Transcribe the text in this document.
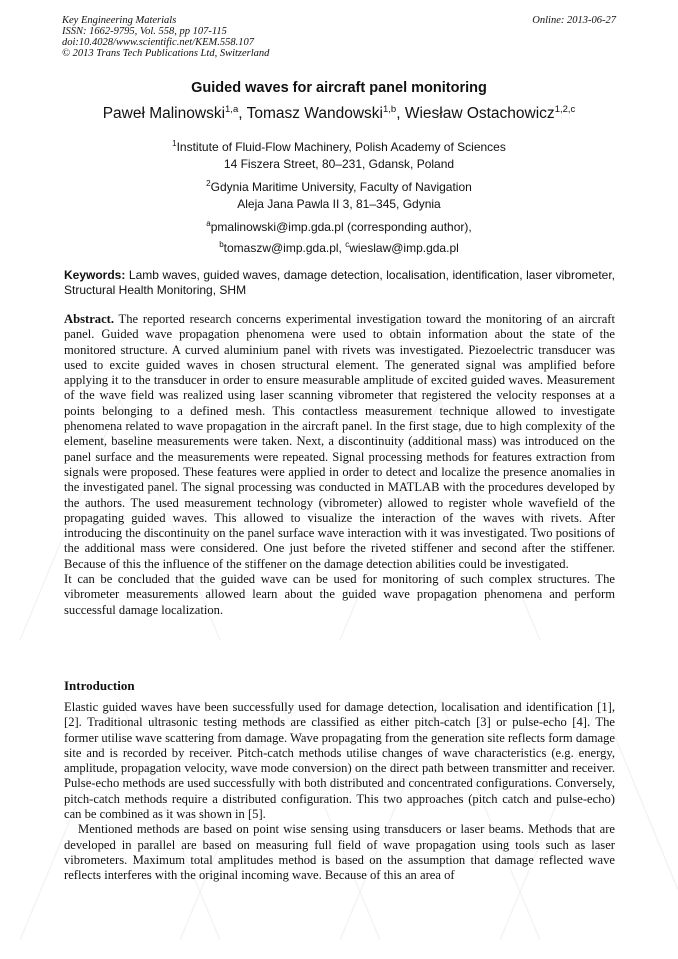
Key Engineering Materials
ISSN: 1662-9795, Vol. 558, pp 107-115
doi:10.4028/www.scientific.net/KEM.558.107
© 2013 Trans Tech Publications Ltd, Switzerland
Online: 2013-06-27
Guided waves for aircraft panel monitoring
Paweł Malinowski$^{1,a}$, Tomasz Wandowski$^{1,b}$, Wiesław Ostachowicz$^{1,2,c}$
$^1$Institute of Fluid-Flow Machinery, Polish Academy of Sciences
14 Fiszera Street, 80–231, Gdansk, Poland
$^2$Gdynia Maritime University, Faculty of Navigation
Aleja Jana Pawla II 3, 81–345, Gdynia
$^a$pmalinowski@imp.gda.pl (corresponding author),
$^b$tomaszw@imp.gda.pl, $^c$wieslaw@imp.gda.pl
Keywords: Lamb waves, guided waves, damage detection, localisation, identification, laser vibrometer, Structural Health Monitoring, SHM

Abstract. The reported research concerns experimental investigation toward the monitoring of an aircraft panel. Guided wave propagation phenomena were used to obtain information about the state of the monitored structure. A curved aluminium panel with rivets was investigated. Piezoelectric transducer was used to excite guided waves in chosen structural element. The generated signal was amplified before applying it to the transducer in order to ensure measurable amplitude of excited guided waves. Measurement of the wave field was realized using laser scanning vibrometer that registered the velocity responses at a points belonging to a defined mesh. This contactless measurement technique allowed to investigate phenomena related to wave propagation in the aircraft panel. In the first stage, due to high complexity of the element, baseline measurements were taken. Next, a discontinuity (additional mass) was introduced on the panel surface and the measurements were repeated. Signal processing methods for features extraction from signals were proposed. These features were applied in order to detect and localize the presence anomalies in the investigated panel. The signal processing was conducted in MATLAB with the procedures developed by the authors. The used measurement technology (vibrometer) allowed to register whole wavefield of the propagating guided waves. This allowed to visualize the interaction of the waves with rivets. After introducing the discontinuity on the panel surface wave interaction with it was investigated. Two positions of the additional mass were considered. One just before the riveted stiffener and second after the stiffener. Because of this the influence of the stiffener on the damage detection abilities could be investigated.

It can be concluded that the guided wave can be used for monitoring of such complex structures. The vibrometer measurements allowed learn about the guided wave propagation phenomena and perform successful damage localization.

Introduction

Elastic guided waves have been successfully used for damage detection, localisation and identification [1], [2]. Traditional ultrasonic testing methods are classified as either pitch-catch [3] or pulse-echo [4]. The former utilise wave scattering from damage. Wave propagating from the generation site reflects form damage site and is recorded by receiver. Pitch-catch methods utilise changes of wave characteristics (e.g. energy, amplitude, propagation velocity, wave mode conversion) on the direct path between transmitter and receiver. Pulse-echo methods are used successfully with both distributed and concentrated configurations. Conversely, pitch-catch methods require a distributed configuration. This two approaches (pitch catch and pulse-echo) can be combined as it was shown in [5].

Mentioned methods are based on point wise sensing using transducers or laser beams. Methods that are developed in parallel are based on measuring full field of wave propagation using tools such as laser vibrometers. Maximum total amplitudes method is based on the assumption that damage reflected wave reflects interferes with the original incoming wave. Because of this an area of
